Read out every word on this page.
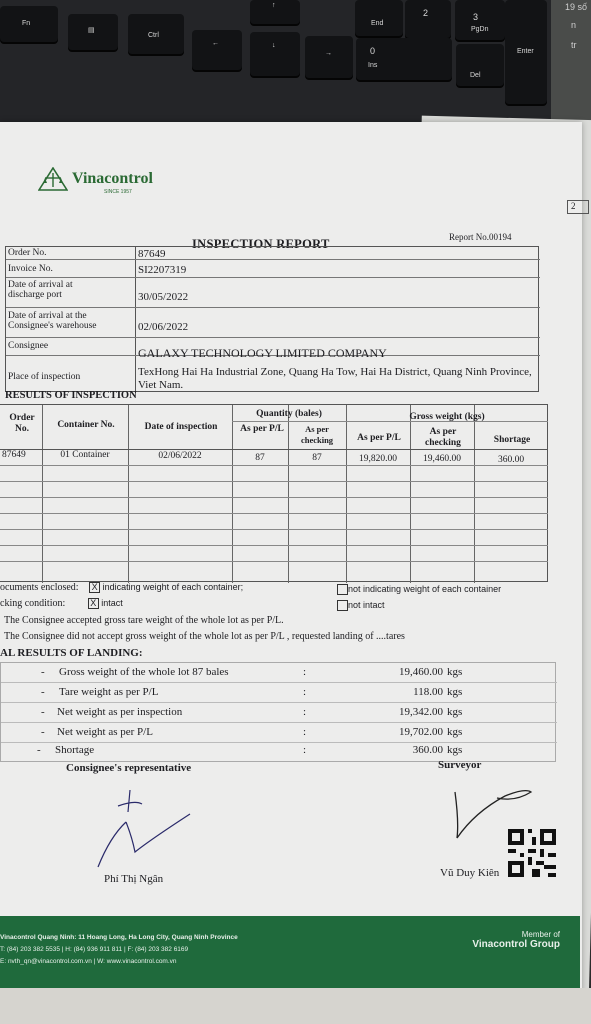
Fn
▤
Ctrl
←
↑
↓
→
End
2	3
PgDn
Enter
0
Ins
Del
19 số
n
tr
Vinacontrol
SINCE 1957
2
Report No.00194
INSPECTION REPORT
Order No.	87649
Invoice No.	SI2207319
Date of arrival at discharge port	30/05/2022
Date of arrival at the Consignee's warehouse	02/06/2022
Consignee	GALAXY TECHNOLOGY LIMITED COMPANY
Place of inspection	TexHong Hai Ha Industrial Zone, Quang Ha Tow, Hai Ha District, Quang Ninh Province, Viet Nam.
RESULTS OF INSPECTION
Order No.	Container No.	Date of inspection
Quantity (bales)
As per P/L	As per checking
Gross weight (kgs)
As per P/L
As per checking	Shortage
87649	01 Container	02/06/2022	87	87	19,820.00	19,460.00	360.00
ocuments enclosed: X indicating weight of each container;	not indicating weight of each container
cking condition:	X intact	not intact
The Consignee accepted gross tare weight of the whole lot as per P/L.
The Consignee did not accept gross weight of the whole lot as per P/L , requested landing of ....tares
AL RESULTS OF LANDING:
- Gross weight of the whole lot 87 bales	:	19,460.00 kgs
- Tare weight as per P/L	:	118.00 kgs
- Net weight as per inspection	:	19,342.00 kgs
- Net weight as per P/L	:	19,702.00 kgs
- Shortage	:	360.00 kgs
Consignee's representative	Surveyor
Phí Thị Ngân	Vũ Duy Kiên
Vinacontrol Quang Ninh: 11 Hoang Long, Ha Long City, Quang Ninh Province
T: (84) 203 382 5535 | H: (84) 936 911 811 | F: (84) 203 382 6169
E: nvth_qn@vinacontrol.com.vn | W: www.vinacontrol.com.vn
Member of
Vinacontrol Group
